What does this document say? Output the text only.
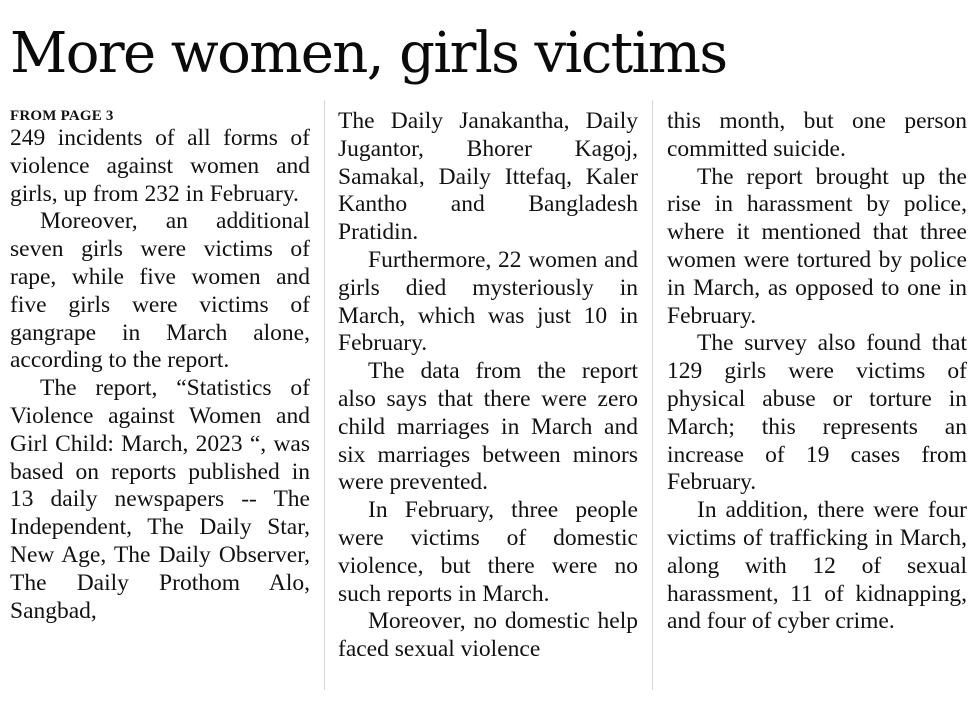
More women, girls victims
FROM PAGE 3

249 incidents of all forms of violence against women and girls, up from 232 in February.

Moreover, an additional seven girls were victims of rape, while five women and five girls were victims of gangrape in March alone, according to the report.

The report, “Statistics of Violence against Women and Girl Child: March, 2023 “, was based on reports published in 13 daily newspapers -- The Independent, The Daily Star, New Age, The Daily Observer, The Daily Prothom Alo, Sangbad,

The Daily Janakantha, Daily Jugantor, Bhorer Kagoj, Samakal, Daily Ittefaq, Kaler Kantho and Bangladesh Pratidin.

Furthermore, 22 women and girls died mysteriously in March, which was just 10 in February.

The data from the report also says that there were zero child marriages in March and six marriages between minors were prevented.

In February, three people were victims of domestic violence, but there were no such reports in March.

Moreover, no domestic help faced sexual violence

this month, but one person committed suicide.

The report brought up the rise in harassment by police, where it mentioned that three women were tortured by police in March, as opposed to one in February.

The survey also found that 129 girls were victims of physical abuse or torture in March; this represents an increase of 19 cases from February.

In addition, there were four victims of trafficking in March, along with 12 of sexual harassment, 11 of kidnapping, and four of cyber crime.
